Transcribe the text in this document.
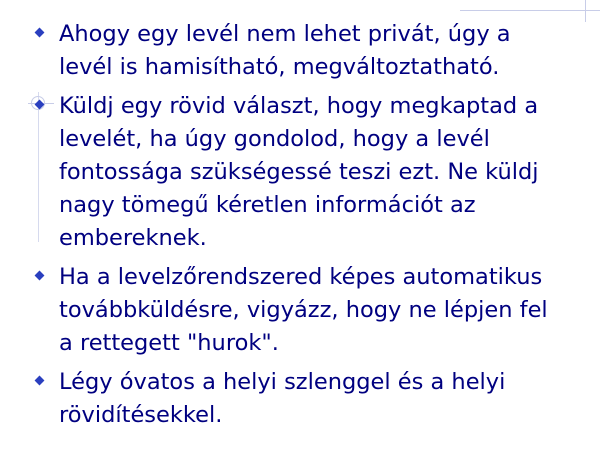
Ahogy egy levél nem lehet privát, úgy a
levél is hamisítható, megváltoztatható.
Küldj egy rövid választ, hogy megkaptad a
levelét, ha úgy gondolod, hogy a levél
fontossága szükségessé teszi ezt. Ne küldj
nagy tömegű kéretlen információt az
embereknek.
Ha a levelzőrendszered képes automatikus
továbbküldésre, vigyázz, hogy ne lépjen fel
a rettegett "hurok".
Légy óvatos a helyi szlenggel és a helyi
rövidítésekkel.
